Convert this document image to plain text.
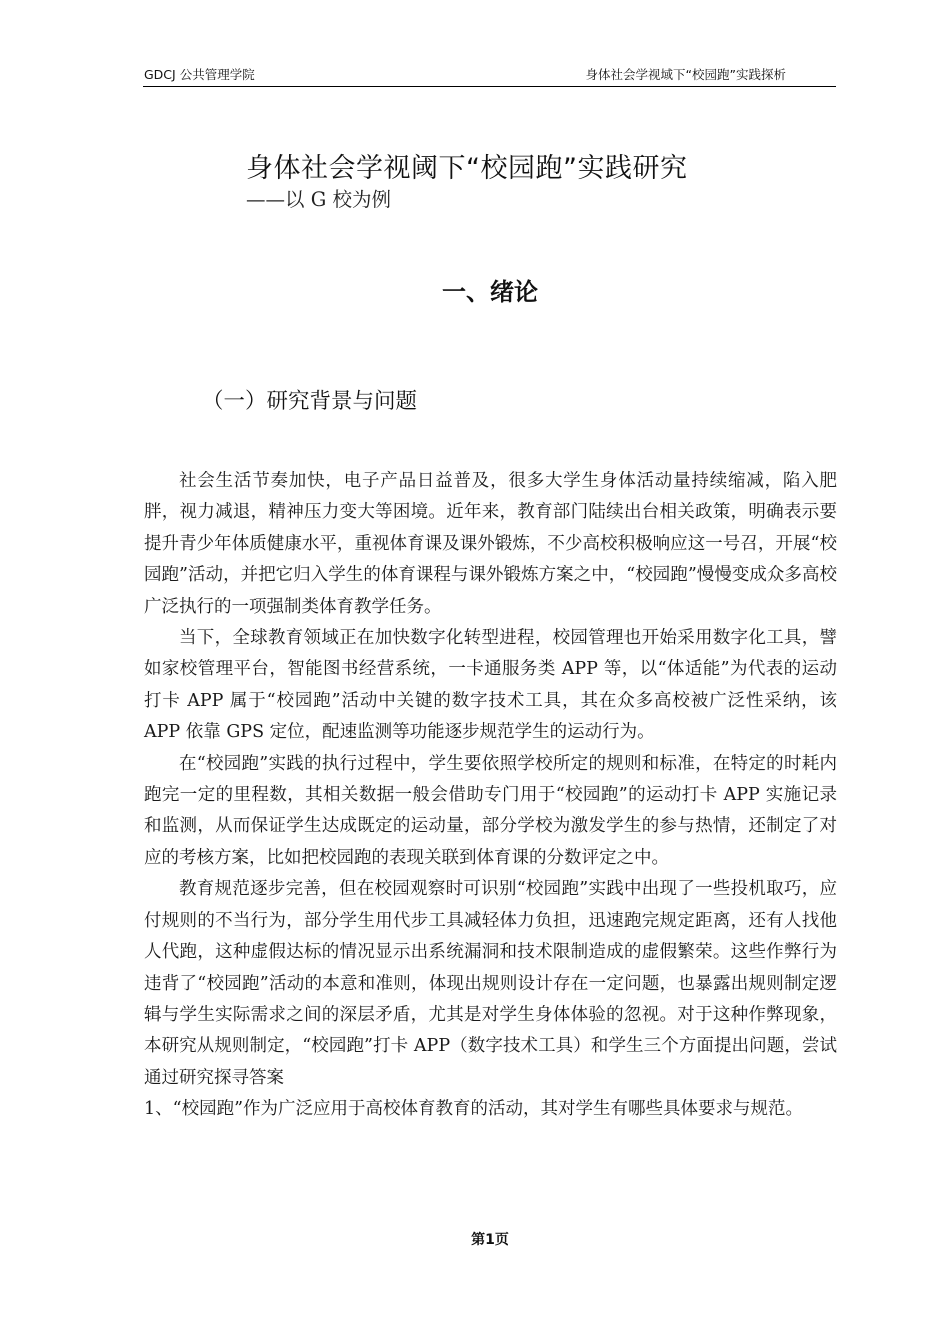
GDCJ 公共管理学院	身体社会学视域下“校园跑”实践探析
身体社会学视阈下“校园跑”实践研究
——以 G 校为例
一、绪论
（一）研究背景与问题

社会生活节奏加快，电子产品日益普及，很多大学生身体活动量持续缩减，陷入肥胖，视力减退，精神压力变大等困境。近年来，教育部门陆续出台相关政策，明确表示要提升青少年体质健康水平，重视体育课及课外锻炼，不少高校积极响应这一号召，开展“校园跑”活动，并把它归入学生的体育课程与课外锻炼方案之中，“校园跑”慢慢变成众多高校广泛执行的一项强制类体育教学任务。

当下，全球教育领域正在加快数字化转型进程，校园管理也开始采用数字化工具，譬如家校管理平台，智能图书经营系统，一卡通服务类 APP 等，以“体适能”为代表的运动打卡 APP 属于“校园跑”活动中关键的数字技术工具，其在众多高校被广泛性采纳，该 APP 依靠 GPS 定位，配速监测等功能逐步规范学生的运动行为。

在“校园跑”实践的执行过程中，学生要依照学校所定的规则和标准，在特定的时耗内跑完一定的里程数，其相关数据一般会借助专门用于“校园跑”的运动打卡 APP 实施记录和监测，从而保证学生达成既定的运动量，部分学校为激发学生的参与热情，还制定了对应的考核方案，比如把校园跑的表现关联到体育课的分数评定之中。

教育规范逐步完善，但在校园观察时可识别“校园跑”实践中出现了一些投机取巧，应付规则的不当行为，部分学生用代步工具减轻体力负担，迅速跑完规定距离，还有人找他人代跑，这种虚假达标的情况显示出系统漏洞和技术限制造成的虚假繁荣。这些作弊行为违背了“校园跑”活动的本意和准则，体现出规则设计存在一定问题，也暴露出规则制定逻辑与学生实际需求之间的深层矛盾，尤其是对学生身体体验的忽视。对于这种作弊现象，本研究从规则制定，“校园跑”打卡 APP（数字技术工具）和学生三个方面提出问题，尝试通过研究探寻答案

1、“校园跑”作为广泛应用于高校体育教育的活动，其对学生有哪些具体要求与规范。

第1页
